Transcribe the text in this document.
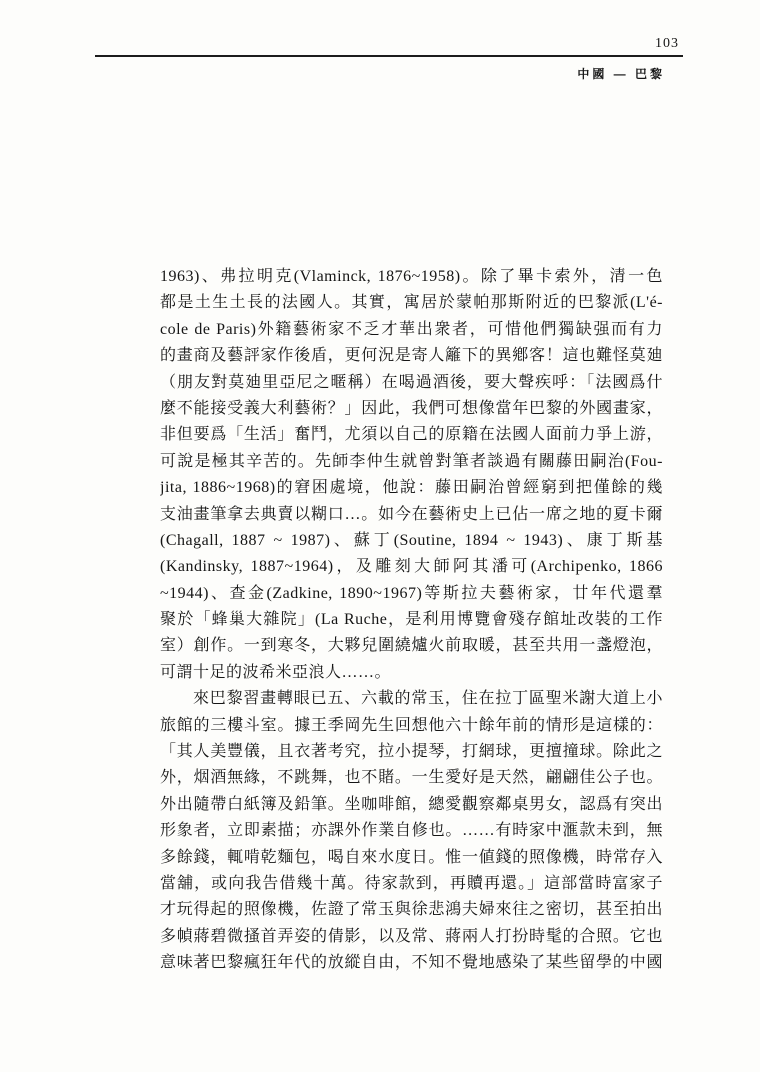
103
中國 — 巴黎
1963)、弗拉明克(Vlaminck, 1876~1958)。除了畢卡索外，清一色
都是土生土長的法國人。其實，寓居於蒙帕那斯附近的巴黎派(L'é-
cole de Paris)外籍藝術家不乏才華出衆者，可惜他們獨缺强而有力
的畫商及藝評家作後盾，更何況是寄人籬下的異鄕客！這也難怪莫廸
（朋友對莫廸里亞尼之暱稱）在喝過酒後，要大聲疾呼：「法國爲什
麼不能接受義大利藝術？」因此，我們可想像當年巴黎的外國畫家，
非但要爲「生活」奮鬥，尤須以自己的原籍在法國人面前力爭上游，
可說是極其辛苦的。先師李仲生就曾對筆者談過有關藤田嗣治(Fou-
jita, 1886~1968)的窘困處境，他說：藤田嗣治曾經窮到把僅餘的幾
支油畫筆拿去典賣以糊口…。如今在藝術史上已佔一席之地的夏卡爾
(Chagall, 1887 ~ 1987)、蘇丁(Soutine, 1894 ~ 1943)、康丁斯基
(Kandinsky, 1887~1964)，及雕刻大師阿其潘可(Archipenko, 1866
~1944)、查金(Zadkine, 1890~1967)等斯拉夫藝術家，廿年代還羣
聚於「蜂巢大雜院」(La Ruche，是利用博覽會殘存館址改裝的工作
室）創作。一到寒冬，大夥兒圍繞爐火前取暖，甚至共用一盞燈泡，
可謂十足的波希米亞浪人……。
來巴黎習畫轉眼已五、六載的常玉，住在拉丁區聖米謝大道上小
旅館的三樓斗室。據王季岡先生回想他六十餘年前的情形是這樣的：
「其人美豐儀，且衣著考究，拉小提琴，打網球，更擅撞球。除此之
外，烟酒無緣，不跳舞，也不賭。一生愛好是天然，翩翩佳公子也。
外出隨帶白紙簿及鉛筆。坐咖啡館，總愛觀察鄰桌男女，認爲有突出
形象者，立即素描；亦課外作業自修也。……有時家中滙款未到，無
多餘錢，輒啃乾麵包，喝自來水度日。惟一値錢的照像機，時常存入
當舖，或向我告借幾十萬。待家款到，再贖再還。」這部當時富家子
才玩得起的照像機，佐證了常玉與徐悲鴻夫婦來往之密切，甚至拍出
多幀蔣碧微搔首弄姿的倩影，以及常、蔣兩人打扮時髦的合照。它也
意味著巴黎瘋狂年代的放縱自由，不知不覺地感染了某些留學的中國
